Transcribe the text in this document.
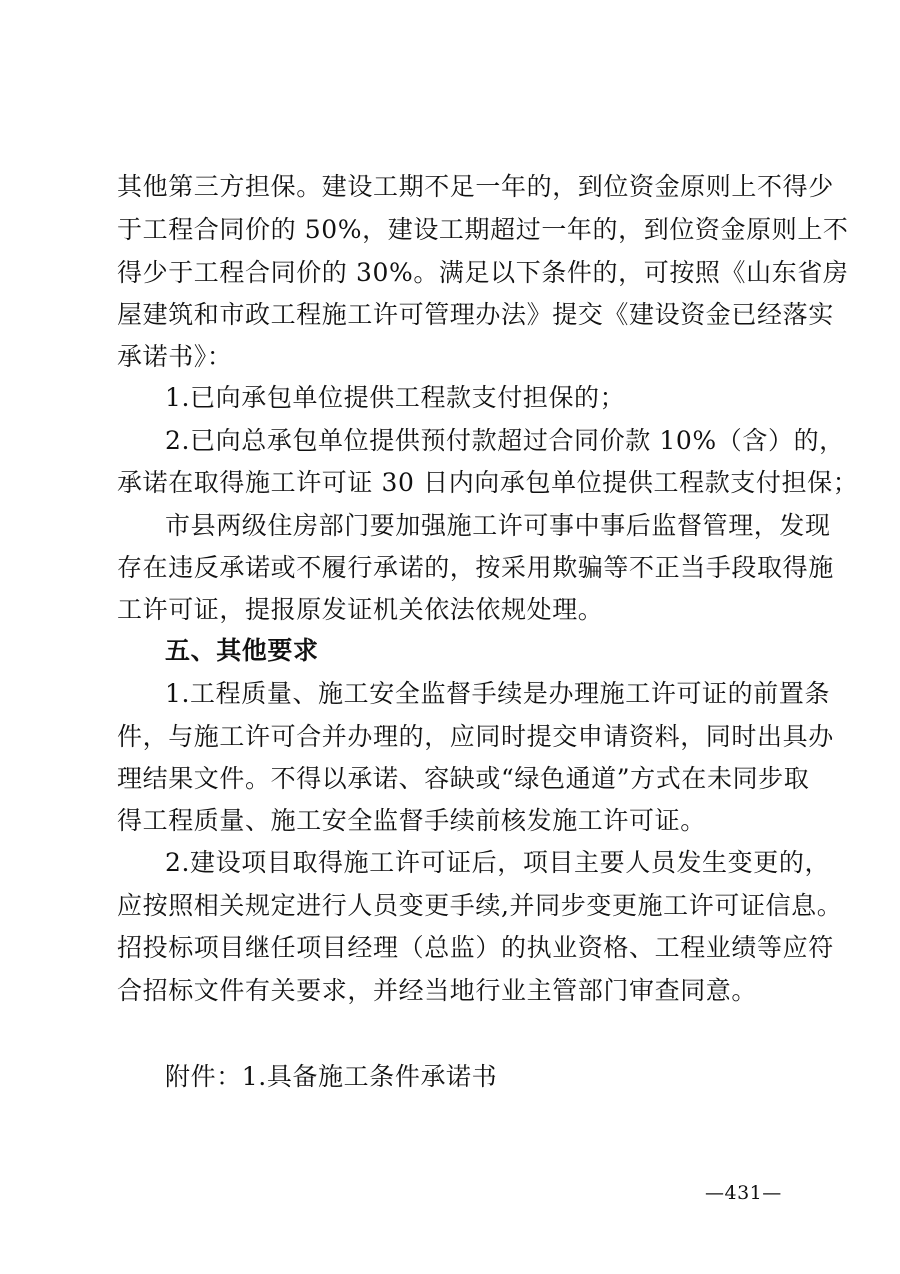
其他第三方担保。建设工期不足一年的，到位资金原则上不得少
于工程合同价的 50%，建设工期超过一年的，到位资金原则上不
得少于工程合同价的 30%。满足以下条件的，可按照《山东省房
屋建筑和市政工程施工许可管理办法》提交《建设资金已经落实
承诺书》：
1.已向承包单位提供工程款支付担保的；
2.已向总承包单位提供预付款超过合同价款 10%（含）的，
承诺在取得施工许可证 30 日内向承包单位提供工程款支付担保；
市县两级住房部门要加强施工许可事中事后监督管理，发现
存在违反承诺或不履行承诺的，按采用欺骗等不正当手段取得施
工许可证，提报原发证机关依法依规处理。
五、其他要求
1.工程质量、施工安全监督手续是办理施工许可证的前置条
件，与施工许可合并办理的，应同时提交申请资料，同时出具办
理结果文件。不得以承诺、容缺或“绿色通道”方式在未同步取
得工程质量、施工安全监督手续前核发施工许可证。
2.建设项目取得施工许可证后，项目主要人员发生变更的，
应按照相关规定进行人员变更手续,并同步变更施工许可证信息。
招投标项目继任项目经理（总监）的执业资格、工程业绩等应符
合招标文件有关要求，并经当地行业主管部门审查同意。
附件：1.具备施工条件承诺书
—431—
